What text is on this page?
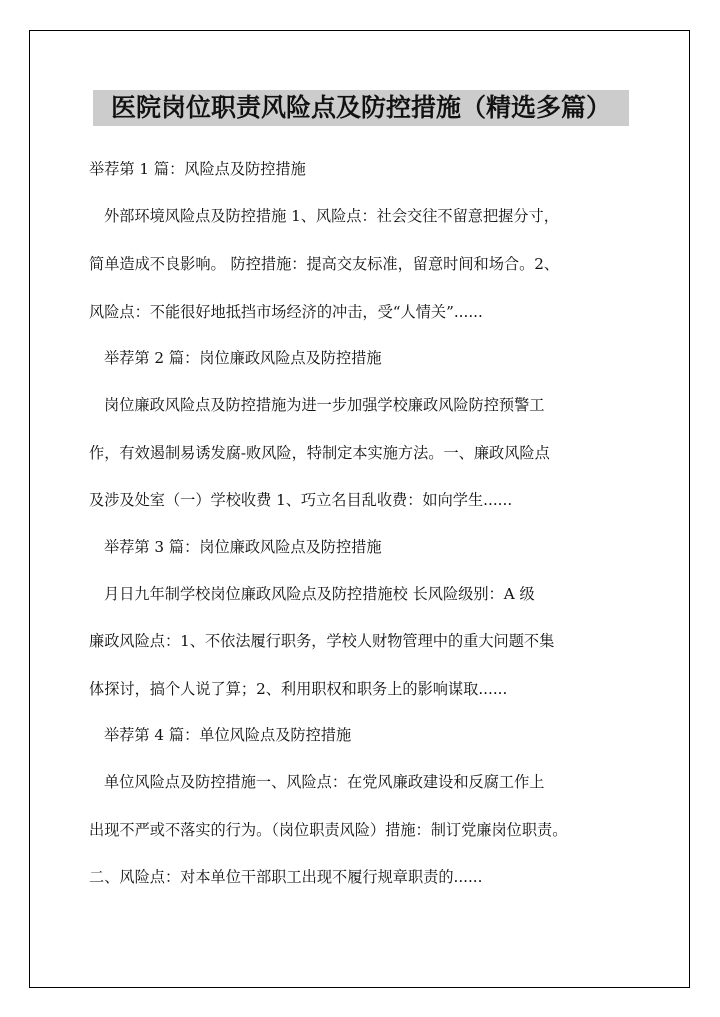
医院岗位职责风险点及防控措施（精选多篇）
举荐第 1 篇：风险点及防控措施
外部环境风险点及防控措施 1、风险点：社会交往不留意把握分寸，
简单造成不良影响。 防控措施：提高交友标准，留意时间和场合。2、
风险点：不能很好地抵挡市场经济的冲击，受“人情关”......
举荐第 2 篇：岗位廉政风险点及防控措施
岗位廉政风险点及防控措施为进一步加强学校廉政风险防控预警工
作，有效遏制易诱发腐-败风险，特制定本实施方法。一、廉政风险点
及涉及处室（一）学校收费 1、巧立名目乱收费：如向学生......
举荐第 3 篇：岗位廉政风险点及防控措施
月日九年制学校岗位廉政风险点及防控措施校 长风险级别：A 级
廉政风险点：1、不依法履行职务，学校人财物管理中的重大问题不集
体探讨，搞个人说了算；2、利用职权和职务上的影响谋取......
举荐第 4 篇：单位风险点及防控措施
单位风险点及防控措施一、风险点：在党风廉政建设和反腐工作上
出现不严或不落实的行为。（岗位职责风险）措施：制订党廉岗位职责。
二、风险点：对本单位干部职工出现不履行规章职责的......
